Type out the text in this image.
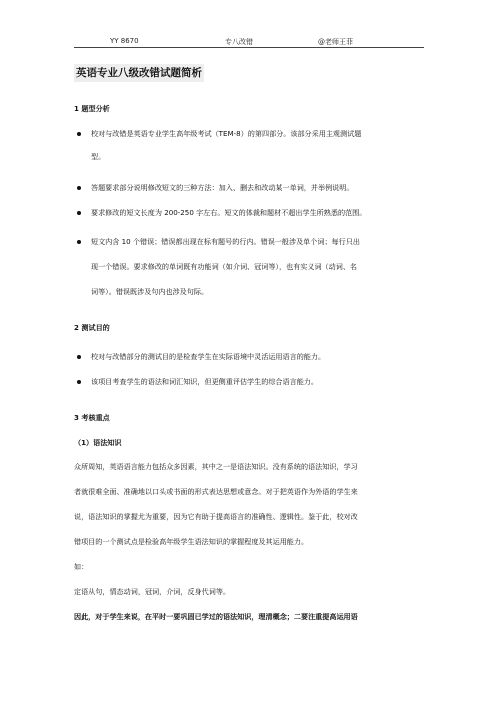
YY 8670	专八改错	@老师王菲
英语专业八级改错试题简析
1 题型分析
校对与改错是英语专业学生高年级考试（TEM-8）的第四部分。该部分采用主观测试题
型。
答题要求部分说明修改短文的三种方法：加入、删去和改动某一单词，并举例说明。
要求修改的短文长度为 200-250 字左右。短文的体裁和题材不超出学生所熟悉的范围。
短文内含 10 个错误；错误都出现在标有题号的行内。错误一般涉及单个词；每行只出
现一个错误。要求修改的单词既有功能词（如介词、冠词等），也有实义词（动词、名
词等）。错误既涉及句内也涉及句际。
2 测试目的
校对与改错部分的测试目的是检查学生在实际语境中灵活运用语言的能力。
该项目考查学生的语法和词汇知识，但更侧重评估学生的综合语言能力。
3 考核重点
（1）语法知识
众所周知，英语语言能力包括众多因素，其中之一是语法知识。没有系统的语法知识，学习
者就很难全面、准确地以口头或书面的形式表达思想或意念。对于把英语作为外语的学生来
说，语法知识的掌握尤为重要，因为它有助于提高语言的准确性、逻辑性。鉴于此，校对改
错项目的一个测试点是检验高年级学生语法知识的掌握程度及其运用能力。
如：
定语从句，情态动词，冠词，介词，反身代词等。
因此，对于学生来说，在平时一要巩固已学过的语法知识，理清概念；二要注重提高运用语
